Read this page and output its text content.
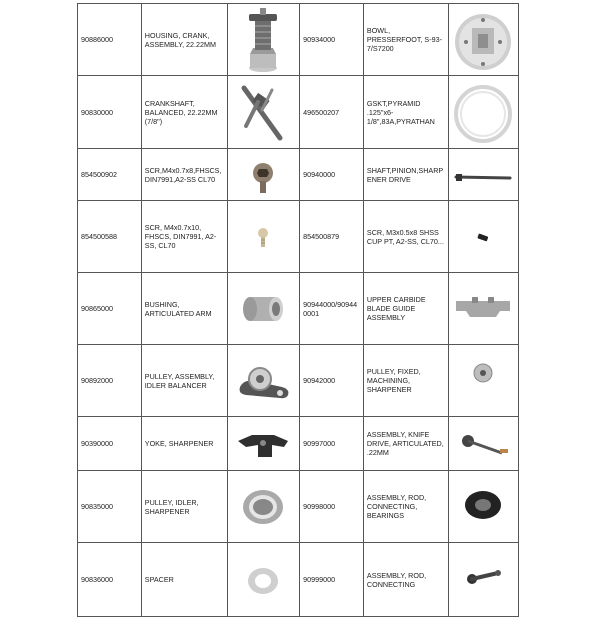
90886000	HOUSING, CRANK, ASSEMBLY, 22.22MM		90934000	BOWL, PRESSERFOOT, S-93-7/S7200	

90830000	CRANKSHAFT, BALANCED, 22.22MM (7/8")		496500207	GSKT,PYRAMID .125"x6-1/8",83A,PYRATHAN	

854500902	SCR,M4x0.7x8,FHSCS,DIN7991,A2-SS CL70		90940000	SHAFT,PINION,SHARPENER DRIVE	

854500588	SCR, M4x0.7x10, FHSCS, DIN7991, A2-SS, CL70		854500879	SCR, M3x0.5x8 SHSS CUP PT, A2-SS, CL70...	

90865000	BUSHING, ARTICULATED ARM		90944000/909440001	UPPER CARBIDE BLADE GUIDE ASSEMBLY	

90892000	PULLEY, ASSEMBLY, IDLER BALANCER		90942000	PULLEY, FIXED, MACHINING, SHARPENER	

90390000	YOKE, SHARPENER		90997000	ASSEMBLY, KNIFE DRIVE, ARTICULATED, .22MM	

90835000	PULLEY, IDLER, SHARPENER		90998000	ASSEMBLY, ROD, CONNECTING, BEARINGS	

90836000	SPACER		90999000	ASSEMBLY, ROD, CONNECTING	
